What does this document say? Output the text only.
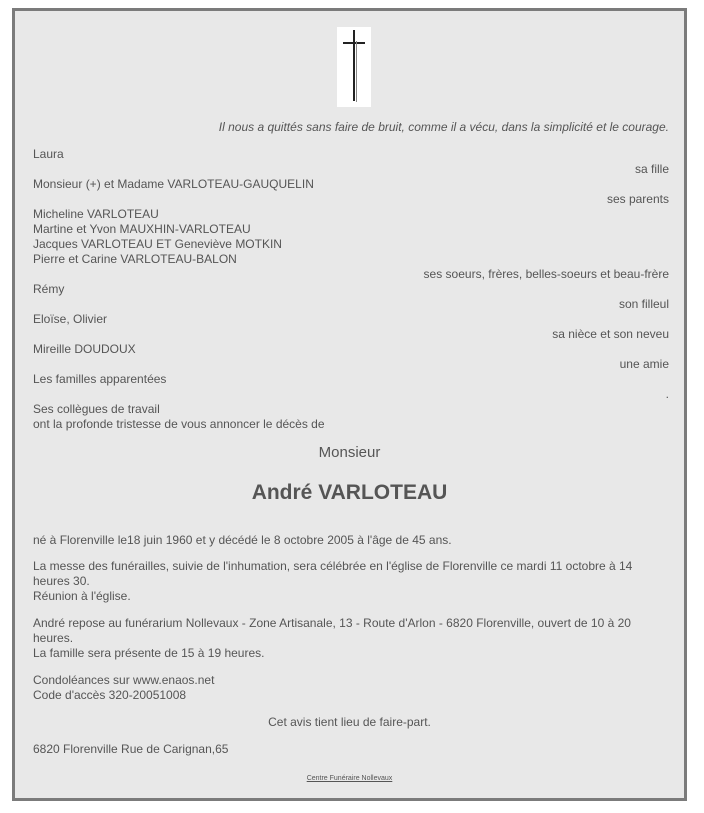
Il nous a quittés sans faire de bruit, comme il a vécu, dans la simplicité et le courage.
Laura
sa fille
Monsieur (+) et Madame VARLOTEAU-GAUQUELIN
ses parents
Micheline VARLOTEAU
Martine et Yvon MAUXHIN-VARLOTEAU
Jacques VARLOTEAU ET Geneviève MOTKIN
Pierre et Carine VARLOTEAU-BALON
ses soeurs, frères, belles-soeurs et beau-frère
Rémy
son filleul
Eloïse, Olivier
sa nièce et son neveu
Mireille DOUDOUX
une amie
Les familles apparentées
.
Ses collègues de travail
ont la profonde tristesse de vous annoncer le décès de
Monsieur
André VARLOTEAU
né à Florenville le18 juin 1960 et y décédé le 8 octobre 2005 à l'âge de 45 ans.
La messe des funérailles, suivie de l'inhumation, sera célébrée en l'église de Florenville ce mardi 11 octobre à 14
heures 30.
Réunion à l'église.
André repose au funérarium Nollevaux - Zone Artisanale, 13 - Route d'Arlon - 6820 Florenville, ouvert de 10 à 20
heures.
La famille sera présente de 15 à 19 heures.
Condoléances sur www.enaos.net
Code d'accès 320-20051008
Cet avis tient lieu de faire-part.
6820 Florenville Rue de Carignan,65
Centre Funéraire Nollevaux
